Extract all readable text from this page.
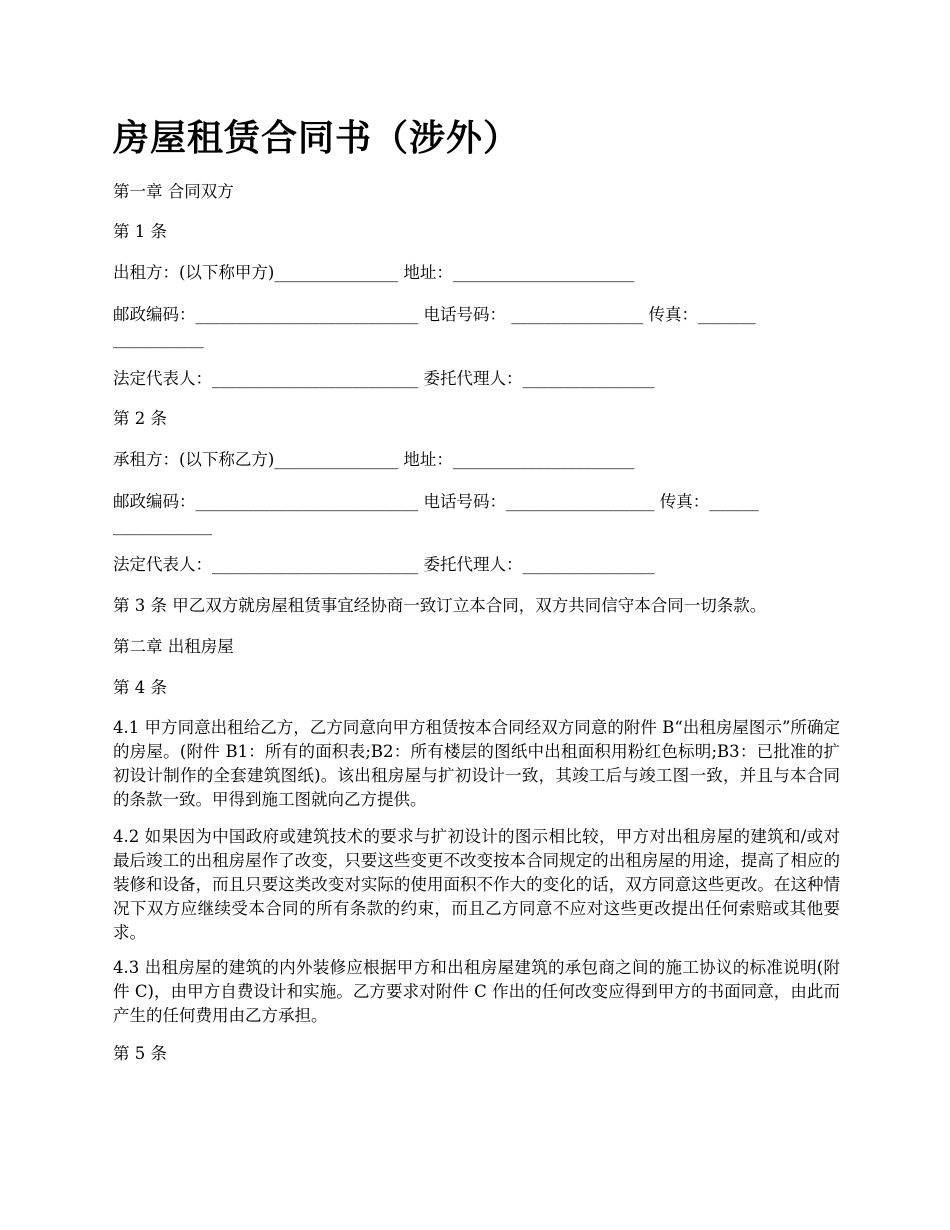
房屋租赁合同书（涉外）

第一章 合同双方

第 1 条

出租方：(以下称甲方)_______________ 地址：______________________

邮政编码：___________________________ 电话号码： ________________ 传真：_______

___________

法定代表人：_________________________ 委托代理人：________________

第 2 条

承租方：(以下称乙方)_______________ 地址：______________________

邮政编码：___________________________ 电话号码：__________________ 传真：______

____________

法定代表人：_________________________ 委托代理人：________________

第 3 条 甲乙双方就房屋租赁事宜经协商一致订立本合同，双方共同信守本合同一切条款。

第二章 出租房屋

第 4 条

4.1 甲方同意出租给乙方，乙方同意向甲方租赁按本合同经双方同意的附件 B“出租房屋图示”所确定的房屋。(附件 B1：所有的面积表;B2：所有楼层的图纸中出租面积用粉红色标明;B3：已批准的扩初设计制作的全套建筑图纸)。该出租房屋与扩初设计一致，其竣工后与竣工图一致，并且与本合同的条款一致。甲得到施工图就向乙方提供。

4.2 如果因为中国政府或建筑技术的要求与扩初设计的图示相比较，甲方对出租房屋的建筑和/或对最后竣工的出租房屋作了改变，只要这些变更不改变按本合同规定的出租房屋的用途，提高了相应的装修和设备，而且只要这类改变对实际的使用面积不作大的变化的话，双方同意这些更改。在这种情况下双方应继续受本合同的所有条款的约束，而且乙方同意不应对这些更改提出任何索赔或其他要求。

4.3 出租房屋的建筑的内外装修应根据甲方和出租房屋建筑的承包商之间的施工协议的标准说明(附件 C)，由甲方自费设计和实施。乙方要求对附件 C 作出的任何改变应得到甲方的书面同意，由此而产生的任何费用由乙方承担。

第 5 条
